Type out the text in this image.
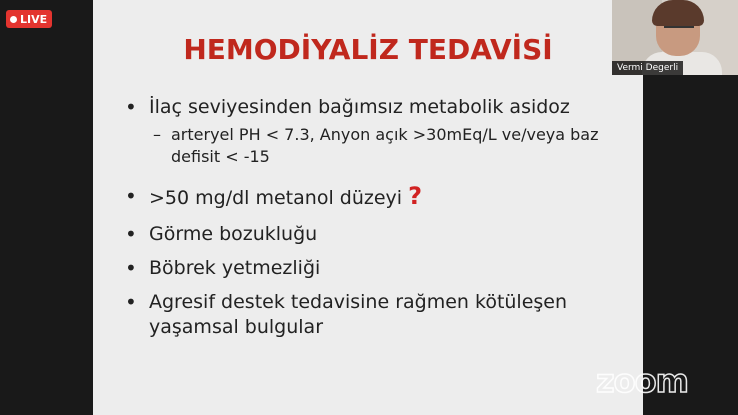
HEMODİYALİZ TEDAVİSİ
• İlaç seviyesinden bağımsız metabolik asidoz
– arteryel PH < 7.3, Anyon açık >30mEq/L ve/veya baz defisit < -15
• >50 mg/dl metanol düzeyi ?
• Görme bozukluğu
• Böbrek yetmezliği
• Agresif destek tedavisine rağmen kötüleşen yaşamsal bulgular
LIVE
Vermi Degerli
zoom
